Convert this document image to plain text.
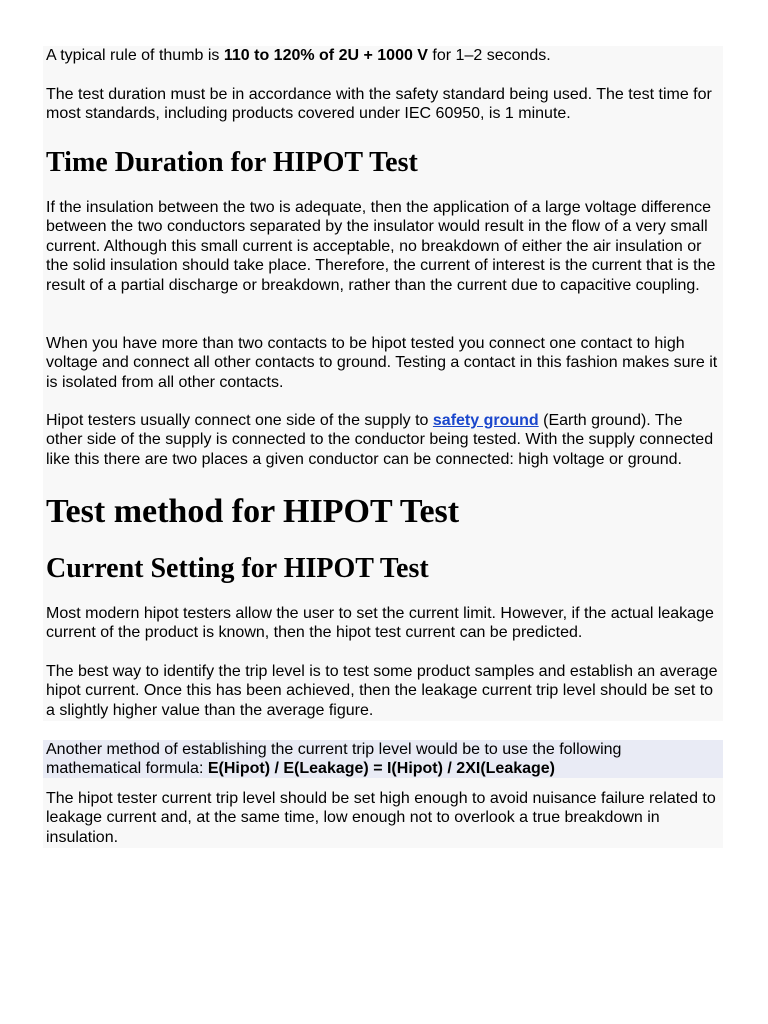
A typical rule of thumb is 110 to 120% of 2U + 1000 V for 1–2 seconds.

The test duration must be in accordance with the safety standard being used. The test time for most standards, including products covered under IEC 60950, is 1 minute.

Time Duration for HIPOT Test

If the insulation between the two is adequate, then the application of a large voltage difference between the two conductors separated by the insulator would result in the flow of a very small current. Although this small current is acceptable, no breakdown of either the air insulation or the solid insulation should take place. Therefore, the current of interest is the current that is the result of a partial discharge or breakdown, rather than the current due to capacitive coupling.

When you have more than two contacts to be hipot tested you connect one contact to high voltage and connect all other contacts to ground. Testing a contact in this fashion makes sure it is isolated from all other contacts.

Hipot testers usually connect one side of the supply to safety ground (Earth ground). The other side of the supply is connected to the conductor being tested. With the supply connected like this there are two places a given conductor can be connected: high voltage or ground.

Test method for HIPOT Test
Current Setting for HIPOT Test

Most modern hipot testers allow the user to set the current limit. However, if the actual leakage current of the product is known, then the hipot test current can be predicted.

The best way to identify the trip level is to test some product samples and establish an average hipot current. Once this has been achieved, then the leakage current trip level should be set to a slightly higher value than the average figure.

Another method of establishing the current trip level would be to use the following mathematical formula: E(Hipot) / E(Leakage) = I(Hipot) / 2XI(Leakage)

The hipot tester current trip level should be set high enough to avoid nuisance failure related to leakage current and, at the same time, low enough not to overlook a true breakdown in insulation.
